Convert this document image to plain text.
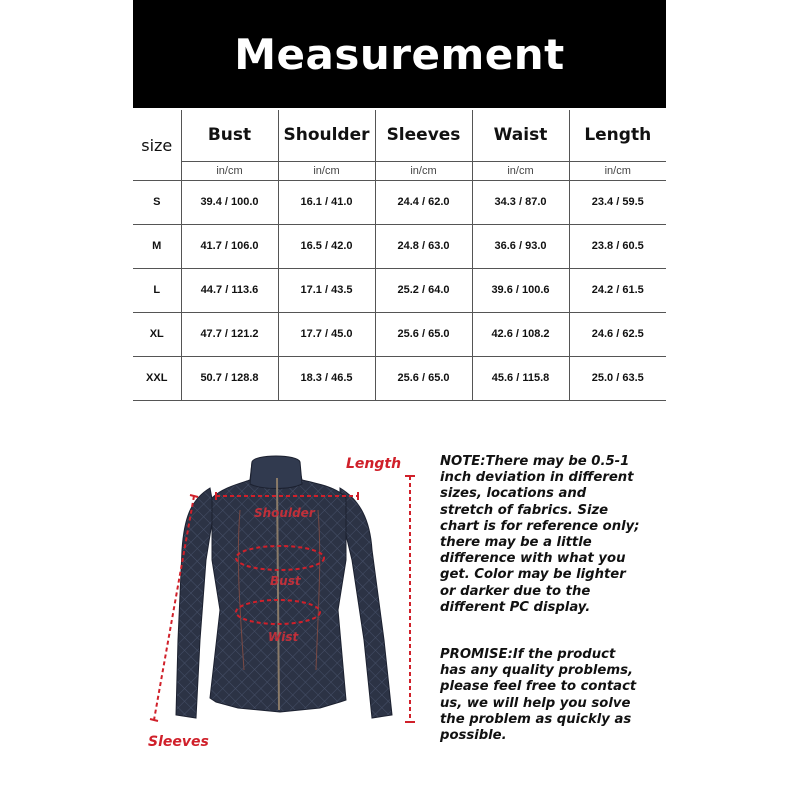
Measurement
size	Bust	Shoulder	Sleeves	Waist	Length
	in/cm	in/cm	in/cm	in/cm	in/cm
S	39.4 / 100.0	16.1 / 41.0	24.4 / 62.0	34.3 / 87.0	23.4 / 59.5
M	41.7 / 106.0	16.5 / 42.0	24.8 / 63.0	36.6 / 93.0	23.8 / 60.5
L	44.7 / 113.6	17.1 / 43.5	25.2 / 64.0	39.6 / 100.6	24.2 / 61.5
XL	47.7 / 121.2	17.7 / 45.0	25.6 / 65.0	42.6 / 108.2	24.6 / 62.5
XXL	50.7 / 128.8	18.3 / 46.5	25.6 / 65.0	45.6 / 115.8	25.0 / 63.5
Length
Shoulder
Bust
Wist
Sleeves

NOTE:There may be 0.5-1 inch deviation in different sizes, locations and stretch of fabrics. Size chart is for reference only; there may be a little difference with what you get. Color may be lighter or darker due to the different PC display.

PROMISE:If the product has any quality problems, please feel free to contact us, we will help you solve the problem as quickly as possible.
